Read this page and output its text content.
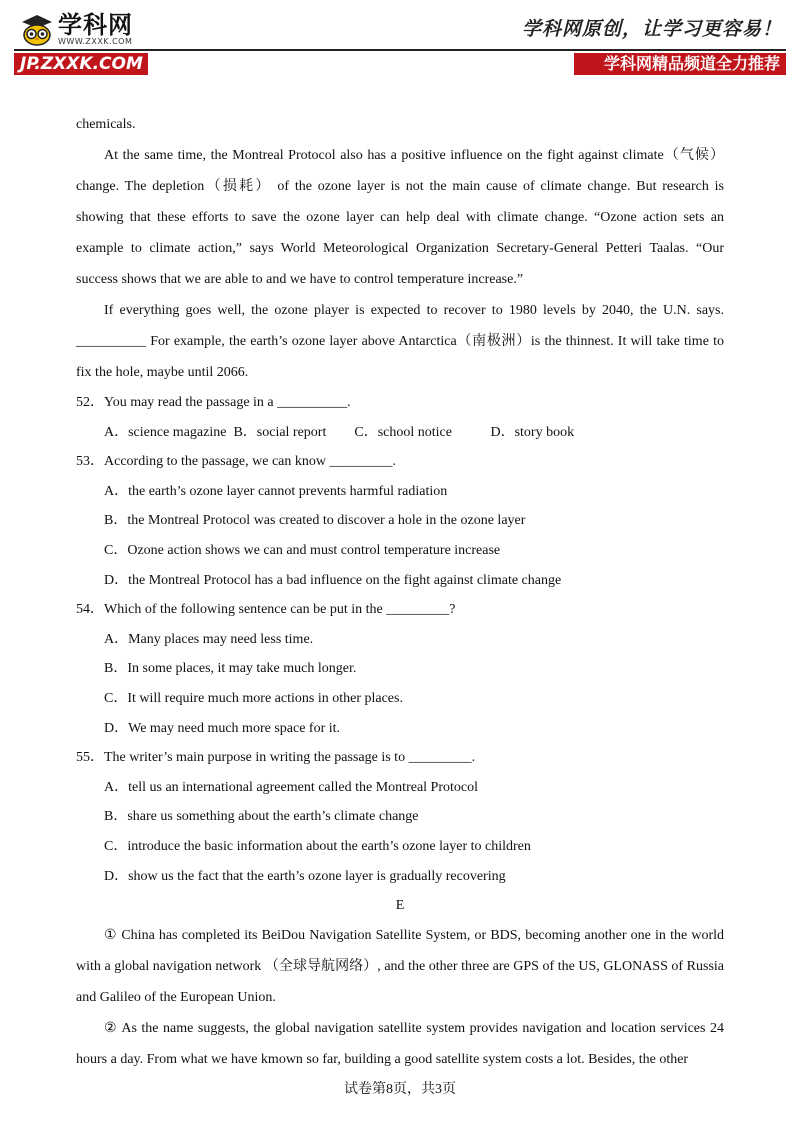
学科网
WWW.ZXXK.COM
学科网原创，让学习更容易！
JP.ZXXK.COM	学科网精品频道全力推荐

chemicals.

At the same time, the Montreal Protocol also has a positive influence on the fight against climate（气候） change. The depletion（损耗） of the ozone layer is not the main cause of climate change. But research is showing that these efforts to save the ozone layer can help deal with climate change. “Ozone action sets an example to climate action,” says World Meteorological Organization Secretary-General Petteri Taalas. “Our success shows that we are able to and we have to control temperature increase.”

If everything goes well, the ozone player is expected to recover to 1980 levels by 2040, the U.N. says. __________ For example, the earth’s ozone layer above Antarctica（南极洲）is the thinnest. It will take time to fix the hole, maybe until 2066.

52．You may read the passage in a __________.

A．science magazine  B．social report        C．school notice           D．story book

53．According to the passage, we can know _________.

A．the earth’s ozone layer cannot prevents harmful radiation

B．the Montreal Protocol was created to discover a hole in the ozone layer

C．Ozone action shows we can and must control temperature increase

D．the Montreal Protocol has a bad influence on the fight against climate change

54．Which of the following sentence can be put in the _________?

A．Many places may need less time.

B．In some places, it may take much longer.

C．It will require much more actions in other places.

D．We may need much more space for it.

55．The writer’s main purpose in writing the passage is to _________.

A．tell us an international agreement called the Montreal Protocol

B．share us something about the earth’s climate change

C．introduce the basic information about the earth’s ozone layer to children

D．show us the fact that the earth’s ozone layer is gradually recovering

E

① China has completed its BeiDou Navigation Satellite System, or BDS, becoming another one in the world with a global navigation network （全球导航网络）, and the other three are GPS of the US, GLONASS of Russia and Galileo of the European Union.

② As the name suggests, the global navigation satellite system provides navigation and location services 24 hours a day. From what we have kmown so far, building a good satellite system costs a lot. Besides, the other

试卷第8页，共3页
